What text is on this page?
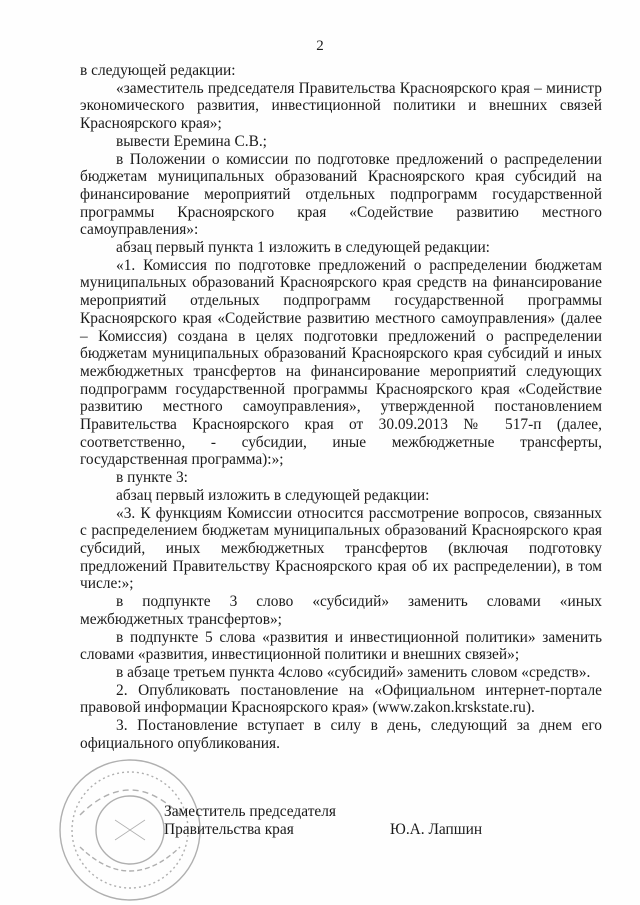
2

в следующей редакции:

«заместитель председателя Правительства Красноярского края – министр экономического развития, инвестиционной политики и внешних связей Красноярского края»;

вывести Еремина С.В.;

в Положении о комиссии по подготовке предложений о распределении бюджетам муниципальных образований Красноярского края субсидий на финансирование мероприятий отдельных подпрограмм государственной программы Красноярского края «Содействие развитию местного самоуправления»:

абзац первый пункта 1 изложить в следующей редакции:

«1. Комиссия по подготовке предложений о распределении бюджетам муниципальных образований Красноярского края средств на финансирование мероприятий отдельных подпрограмм государственной программы Красноярского края «Содействие развитию местного самоуправления» (далее – Комиссия) создана в целях подготовки предложений о распределении бюджетам муниципальных образований Красноярского края субсидий и иных межбюджетных трансфертов на финансирование мероприятий следующих подпрограмм государственной программы Красноярского края «Содействие развитию местного самоуправления», утвержденной постановлением Правительства Красноярского края от 30.09.2013 № 517-п (далее, соответственно, - субсидии, иные межбюджетные трансферты, государственная программа):»;

в пункте 3:

абзац первый изложить в следующей редакции:

«3. К функциям Комиссии относится рассмотрение вопросов, связанных с распределением бюджетам муниципальных образований Красноярского края субсидий, иных межбюджетных трансфертов (включая подготовку предложений Правительству Красноярского края об их распределении), в том числе:»;

в подпункте 3 слово «субсидий» заменить словами «иных межбюджетных трансфертов»;

в подпункте 5 слова «развития и инвестиционной политики» заменить словами «развития, инвестиционной политики и внешних связей»;

в абзаце третьем пункта 4слово «субсидий» заменить словом «средств».

2. Опубликовать постановление на «Официальном интернет-портале правовой информации Красноярского края» (www.zakon.krskstate.ru).

3. Постановление вступает в силу в день, следующий за днем его официального опубликования.

Заместитель председателя
Правительства края	Ю.А. Лапшин
